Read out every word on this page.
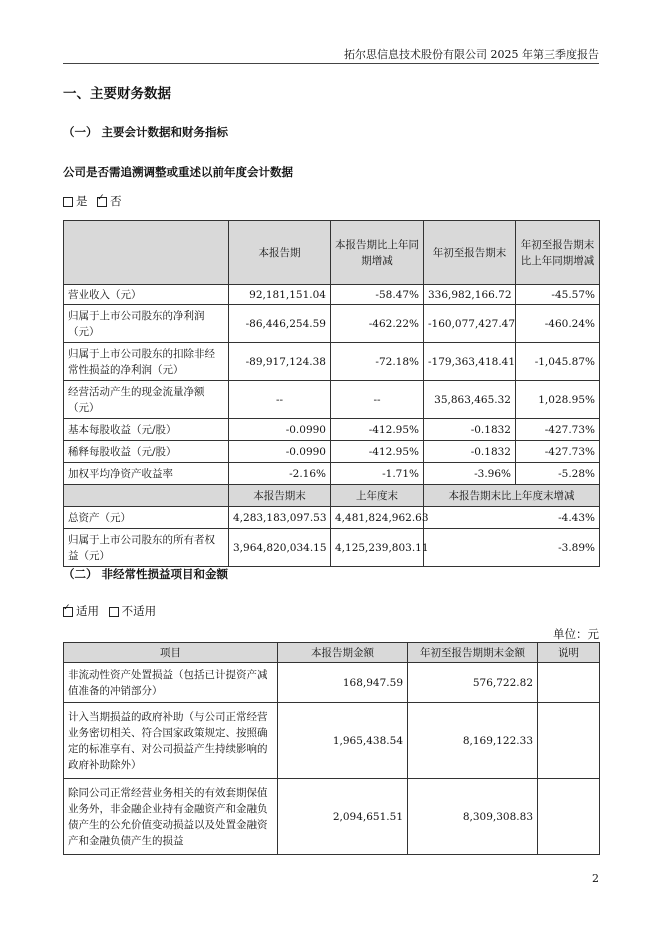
拓尔思信息技术股份有限公司 2025 年第三季度报告
一、主要财务数据
（一） 主要会计数据和财务指标
公司是否需追溯调整或重述以前年度会计数据
是 ✓ 否
	本报告期	本报告期比上年同期增减	年初至报告期末	年初至报告期末比上年同期增减
营业收入（元）	92,181,151.04	-58.47%	336,982,166.72	-45.57%
归属于上市公司股东的净利润（元）	-86,446,254.59	-462.22%	-160,077,427.47	-460.24%
归属于上市公司股东的扣除非经常性损益的净利润（元）	-89,917,124.38	-72.18%	-179,363,418.41	-1,045.87%
经营活动产生的现金流量净额（元）	--	--	35,863,465.32	1,028.95%
基本每股收益（元/股）	-0.0990	-412.95%	-0.1832	-427.73%
稀释每股收益（元/股）	-0.0990	-412.95%	-0.1832	-427.73%
加权平均净资产收益率	-2.16%	-1.71%	-3.96%	-5.28%
	本报告期末	上年度末	本报告期末比上年度末增减	
总资产（元）	4,283,183,097.53	4,481,824,962.63	-4.43%	
归属于上市公司股东的所有者权益（元）	3,964,820,034.15	4,125,239,803.11	-3.89%	
（二） 非经常性损益项目和金额
✓适用 不适用
单位：元
项目	本报告期金额	年初至报告期期末金额	说明
非流动性资产处置损益（包括已计提资产减值准备的冲销部分）	168,947.59	576,722.82	
计入当期损益的政府补助（与公司正常经营业务密切相关、符合国家政策规定、按照确定的标准享有、对公司损益产生持续影响的政府补助除外）	1,965,438.54	8,169,122.33	
除同公司正常经营业务相关的有效套期保值业务外，非金融企业持有金融资产和金融负债产生的公允价值变动损益以及处置金融资产和金融负债产生的损益	2,094,651.51	8,309,308.83	
2
